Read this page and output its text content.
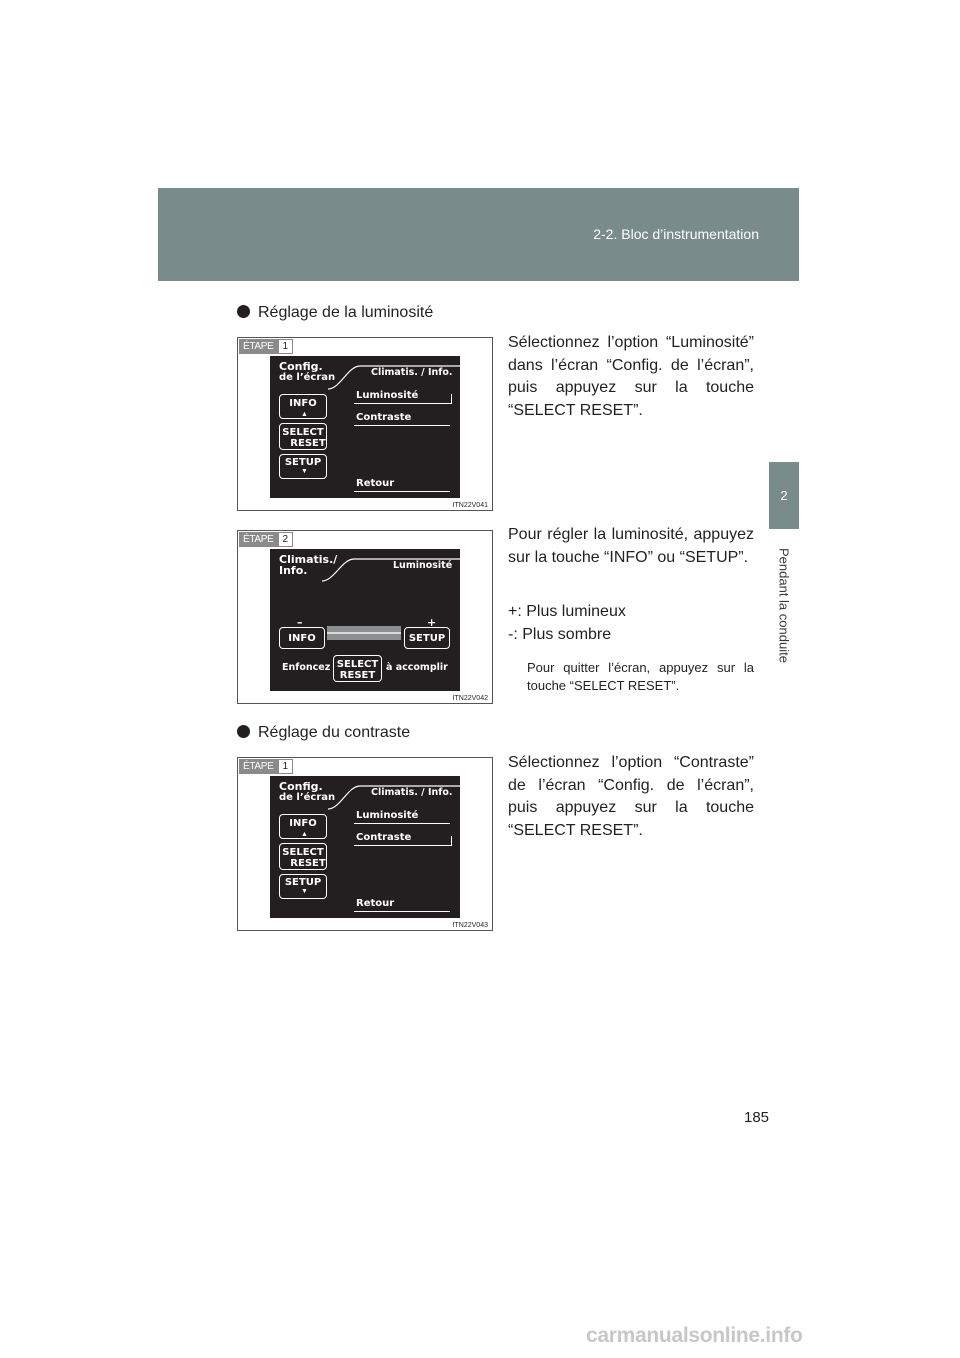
2-2. Bloc d’instrumentation
2
Pendant la conduite
Réglage de la luminosité
ÉTAPE 1
Config.
de l’écran	Climatis. / Info.
INFO
▲
SELECT
RESET
SETUP
▼
Luminosité
Contraste
Retour
ITN22V041
Sélectionnez l’option “Luminosité” dans l’écran “Config. de l’écran”, puis appuyez sur la touche “SELECT RESET”.
ÉTAPE 2
Climatis./
Info.	Luminosité
–	+
INFO	SETUP
Enfoncez SELECT
RESET
à accomplir
ITN22V042
Pour régler la luminosité, appuyez sur la touche “INFO” ou “SETUP”.
+: Plus lumineux
-: Plus sombre
Pour quitter l’écran, appuyez sur la touche “SELECT RESET”.
Réglage du contraste
ÉTAPE 1
Config.
de l’écran	Climatis. / Info.
INFO
▲
SELECT
RESET
SETUP
▼
Luminosité
Contraste
Retour
ITN22V043
Sélectionnez l’option “Contraste” de l’écran “Config. de l’écran”, puis appuyez sur la touche “SELECT RESET”.
185
carmanualsonline.info
